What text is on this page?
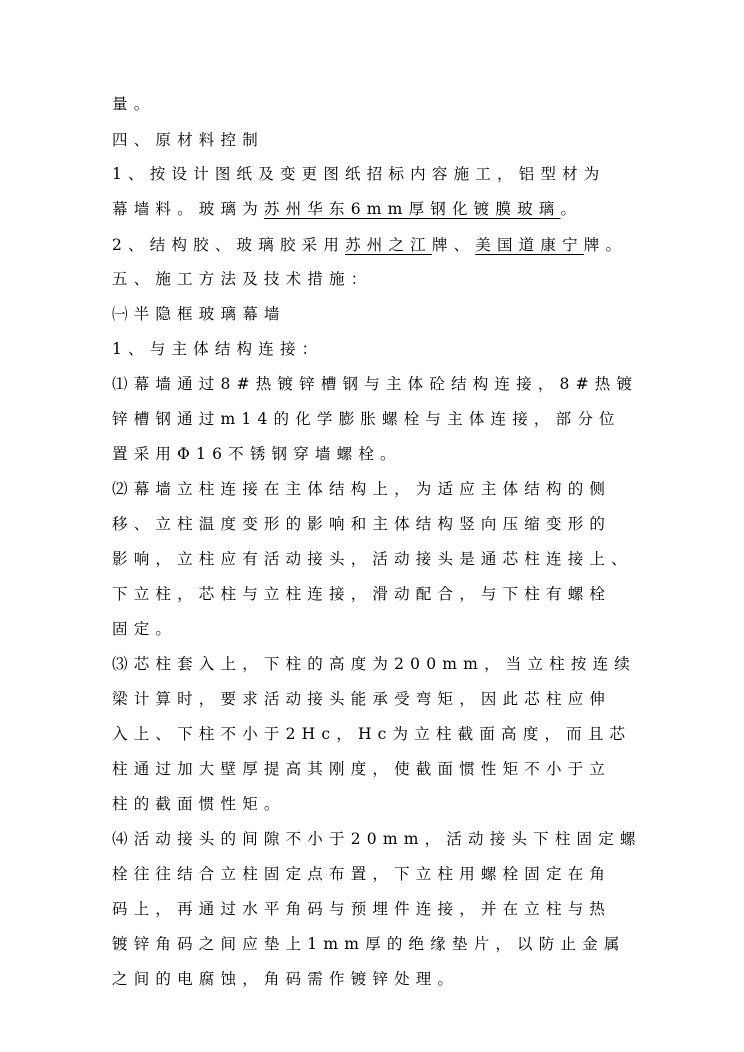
量。
四、原材料控制
1、按设计图纸及变更图纸招标内容施工，铝型材为
幕墙料。玻璃为苏州华东6mm厚钢化镀膜玻璃。
2、结构胶、玻璃胶采用苏州之江牌、美国道康宁牌。
五、施工方法及技术措施：
㈠半隐框玻璃幕墙
1、与主体结构连接：
⑴幕墙通过8#热镀锌槽钢与主体砼结构连接，8#热镀
锌槽钢通过m14的化学膨胀螺栓与主体连接，部分位
置采用Φ16不锈钢穿墙螺栓。
⑵幕墙立柱连接在主体结构上，为适应主体结构的侧
移、立柱温度变形的影响和主体结构竖向压缩变形的
影响，立柱应有活动接头，活动接头是通芯柱连接上、
下立柱，芯柱与立柱连接，滑动配合，与下柱有螺栓
固定。
⑶芯柱套入上，下柱的高度为200mm，当立柱按连续
梁计算时，要求活动接头能承受弯矩，因此芯柱应伸
入上、下柱不小于2Hc，Hc为立柱截面高度，而且芯
柱通过加大壁厚提高其刚度，使截面惯性矩不小于立
柱的截面惯性矩。
⑷活动接头的间隙不小于20mm，活动接头下柱固定螺
栓往往结合立柱固定点布置，下立柱用螺栓固定在角
码上，再通过水平角码与预埋件连接，并在立柱与热
镀锌角码之间应垫上1mm厚的绝缘垫片，以防止金属
之间的电腐蚀，角码需作镀锌处理。
